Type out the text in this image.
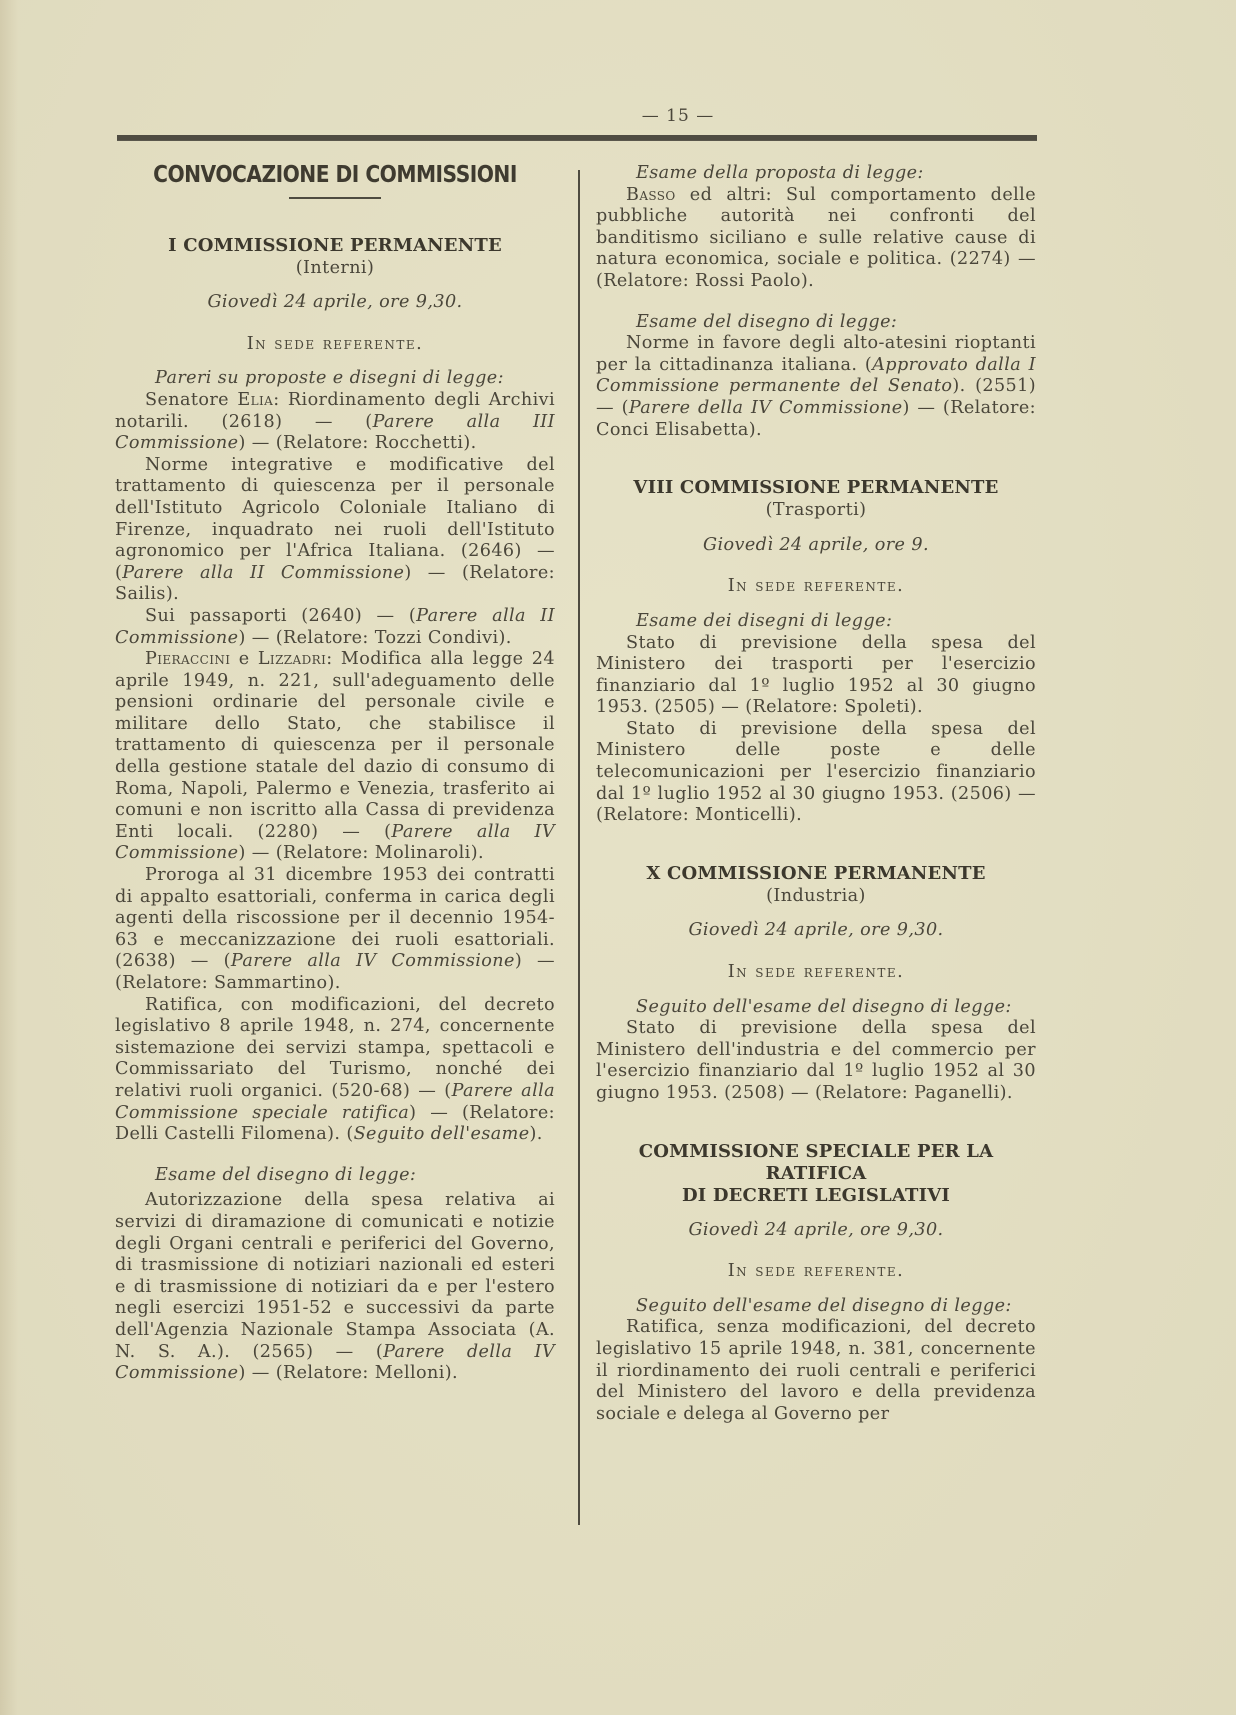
— 15 —
CONVOCAZIONE DI COMMISSIONI
I COMMISSIONE PERMANENTE
(Interni)
Giovedì 24 aprile, ore 9,30.
In sede referente.
Pareri su proposte e disegni di legge:

Senatore Elia: Riordinamento degli Archivi notarili. (2618) — (Parere alla III Commissione) — (Relatore: Rocchetti).

Norme integrative e modificative del trattamento di quiescenza per il personale dell'Istituto Agricolo Coloniale Italiano di Firenze, inquadrato nei ruoli dell'Istituto agronomico per l'Africa Italiana. (2646) — (Parere alla II Commissione) — (Relatore: Sailis).

Sui passaporti (2640) — (Parere alla II Commissione) — (Relatore: Tozzi Condivi).

Pieraccini e Lizzadri: Modifica alla legge 24 aprile 1949, n. 221, sull'adeguamento delle pensioni ordinarie del personale civile e militare dello Stato, che stabilisce il trattamento di quiescenza per il personale della gestione statale del dazio di consumo di Roma, Napoli, Palermo e Venezia, trasferito ai comuni e non iscritto alla Cassa di previdenza Enti locali. (2280) — (Parere alla IV Commissione) — (Relatore: Molinaroli).

Proroga al 31 dicembre 1953 dei contratti di appalto esattoriali, conferma in carica degli agenti della riscossione per il decennio 1954-63 e meccanizzazione dei ruoli esattoriali. (2638) — (Parere alla IV Commissione) — (Relatore: Sammartino).

Ratifica, con modificazioni, del decreto legislativo 8 aprile 1948, n. 274, concernente sistemazione dei servizi stampa, spettacoli e Commissariato del Turismo, nonché dei relativi ruoli organici. (520-68) — (Parere alla Commissione speciale ratifica) — (Relatore: Delli Castelli Filomena). (Seguito dell'esame).

Esame del disegno di legge:

Autorizzazione della spesa relativa ai servizi di diramazione di comunicati e notizie degli Organi centrali e periferici del Governo, di trasmissione di notiziari nazionali ed esteri e di trasmissione di notiziari da e per l'estero negli esercizi 1951-52 e successivi da parte dell'Agenzia Nazionale Stampa Associata (A. N. S. A.). (2565) — (Parere della IV Commissione) — (Relatore: Melloni).

Esame della proposta di legge:

Basso ed altri: Sul comportamento delle pubbliche autorità nei confronti del banditismo siciliano e sulle relative cause di natura economica, sociale e politica. (2274) — (Relatore: Rossi Paolo).

Esame del disegno di legge:

Norme in favore degli alto-atesini rioptanti per la cittadinanza italiana. (Approvato dalla I Commissione permanente del Senato). (2551) — (Parere della IV Commissione) — (Relatore: Conci Elisabetta).

VIII COMMISSIONE PERMANENTE
(Trasporti)
Giovedì 24 aprile, ore 9.
In sede referente.
Esame dei disegni di legge:

Stato di previsione della spesa del Ministero dei trasporti per l'esercizio finanziario dal 1º luglio 1952 al 30 giugno 1953. (2505) — (Relatore: Spoleti).

Stato di previsione della spesa del Ministero delle poste e delle telecomunicazioni per l'esercizio finanziario dal 1º luglio 1952 al 30 giugno 1953. (2506) — (Relatore: Monticelli).

X COMMISSIONE PERMANENTE
(Industria)
Giovedì 24 aprile, ore 9,30.
In sede referente.
Seguito dell'esame del disegno di legge:

Stato di previsione della spesa del Ministero dell'industria e del commercio per l'esercizio finanziario dal 1º luglio 1952 al 30 giugno 1953. (2508) — (Relatore: Paganelli).

COMMISSIONE SPECIALE PER LA RATIFICA
DI DECRETI LEGISLATIVI
Giovedì 24 aprile, ore 9,30.
In sede referente.
Seguito dell'esame del disegno di legge:

Ratifica, senza modificazioni, del decreto legislativo 15 aprile 1948, n. 381, concernente il riordinamento dei ruoli centrali e periferici del Ministero del lavoro e della previdenza sociale e delega al Governo per
